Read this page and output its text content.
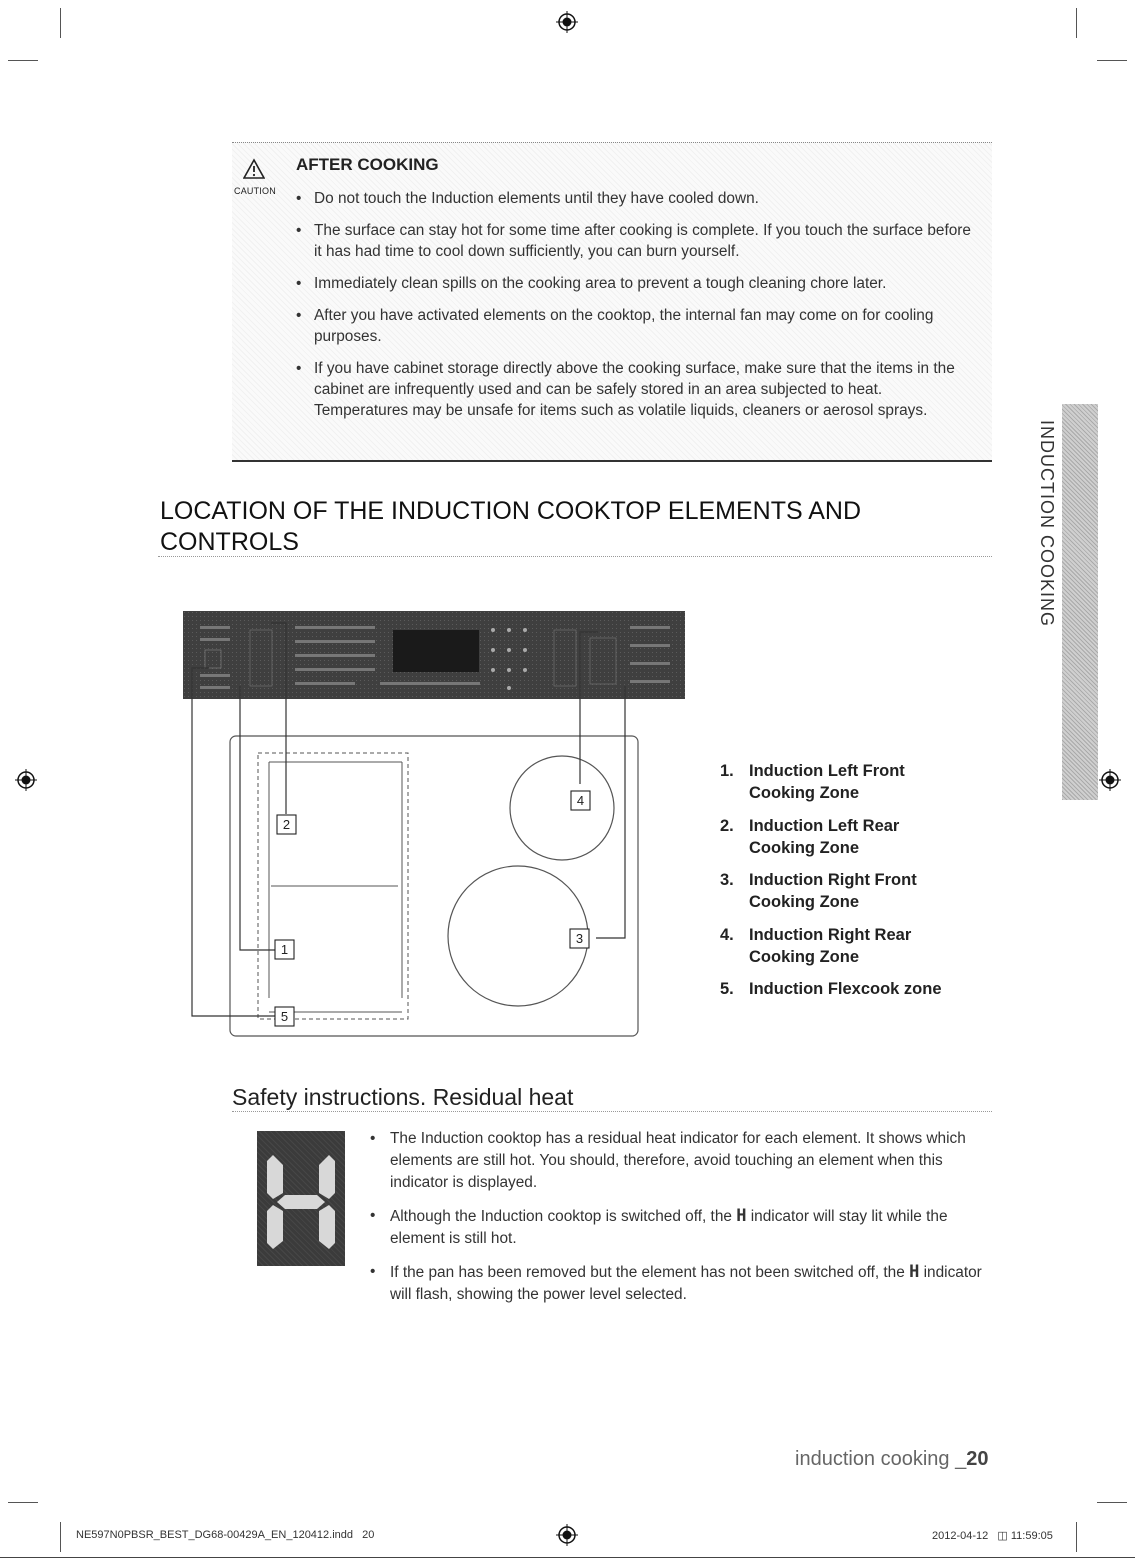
CAUTION
AFTER COOKING
• Do not touch the Induction elements until they have cooled down.
• The surface can stay hot for some time after cooking is complete. If you touch the surface before it has had time to cool down sufficiently, you can burn yourself.
• Immediately clean spills on the cooking area to prevent a tough cleaning chore later.
• After you have activated elements on the cooktop, the internal fan may come on for cooling purposes.
• If you have cabinet storage directly above the cooking surface, make sure that the items in the cabinet are infrequently used and can be safely stored in an area subjected to heat. Temperatures may be unsafe for items such as volatile liquids, cleaners or aerosol sprays.
LOCATION OF THE INDUCTION COOKTOP ELEMENTS AND CONTROLS	INDUCTION COOKING
1
2
3
4
5
1. Induction Left Front
Cooking Zone
2. Induction Left Rear
Cooking Zone
3. Induction Right Front
Cooking Zone
4. Induction Right Rear
Cooking Zone
5. Induction Flexcook zone
Safety instructions. Residual heat
• The Induction cooktop has a residual heat indicator for each element. It shows which elements are still hot. You should, therefore, avoid touching an element when this indicator is displayed.
• Although the Induction cooktop is switched off, the H indicator will stay lit while the element is still hot.
• If the pan has been removed but the element has not been switched off, the H indicator will flash, showing the power level selected.
induction cooking _20
NE597N0PBSR_BEST_DG68-00429A_EN_120412.indd   20	2012-04-12   ◫ 11:59:05
